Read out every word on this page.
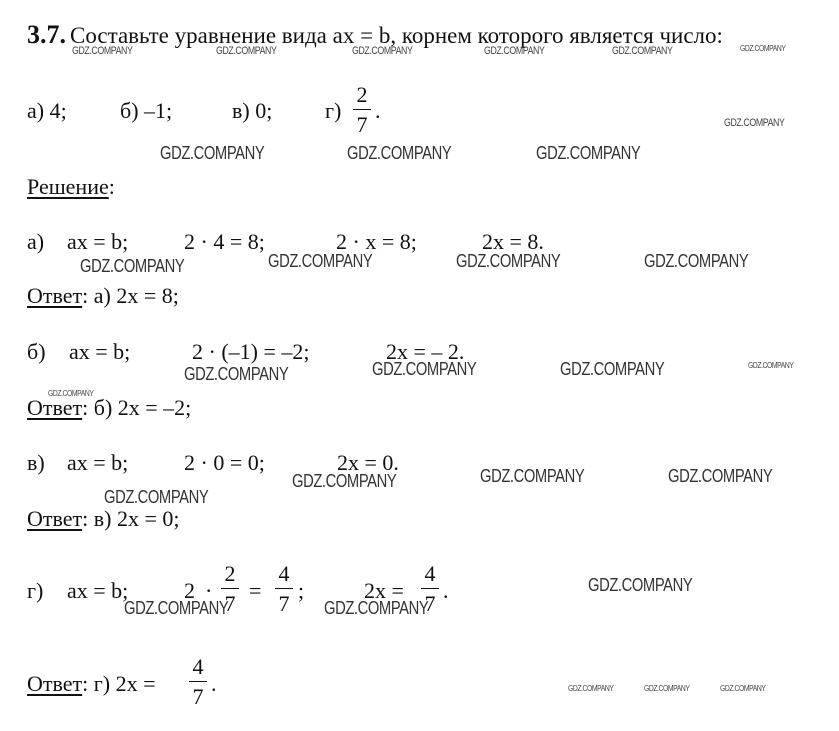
3.7. Составьте уравнение вида ax = b, корнем которого является число:
а) 4; б) –1;	в) 0; г)
2
7
.
Решение:
а) ax = b;	2 · 4 = 8;	2 · x = 8;	2x = 8.
Ответ: а) 2x = 8;
б) ax = b;	2 · (–1) = –2;	2x = – 2.
Ответ: б) 2x = –2;
в) ax = b;	2 · 0 = 0;	2x = 0.
Ответ: в) 2x = 0;
г) ax = b;	2 ·
2
7
=
4
7
;	2x =
4
7
.
Ответ: г) 2x =
4
7
.
GDZ.COMPANY	GDZ.COMPANY	GDZ.COMPANY	GDZ.COMPANY	GDZ.COMPANY	GDZ.COMPANY
GDZ.COMPANY
GDZ.COMPANY	GDZ.COMPANY	GDZ.COMPANY
GDZ.COMPANY	GDZ.COMPANY	GDZ.COMPANY	GDZ.COMPANY
GDZ.COMPANY	GDZ.COMPANY	GDZ.COMPANY	GDZ.COMPANY
GDZ.COMPANY
GDZ.COMPANY	GDZ.COMPANY	GDZ.COMPANY
GDZ.COMPANY
GDZ.COMPANY
GDZ.COMPANY	GDZ.COMPANY
GDZ.COMPANY	GDZ.COMPANY	GDZ.COMPANY
